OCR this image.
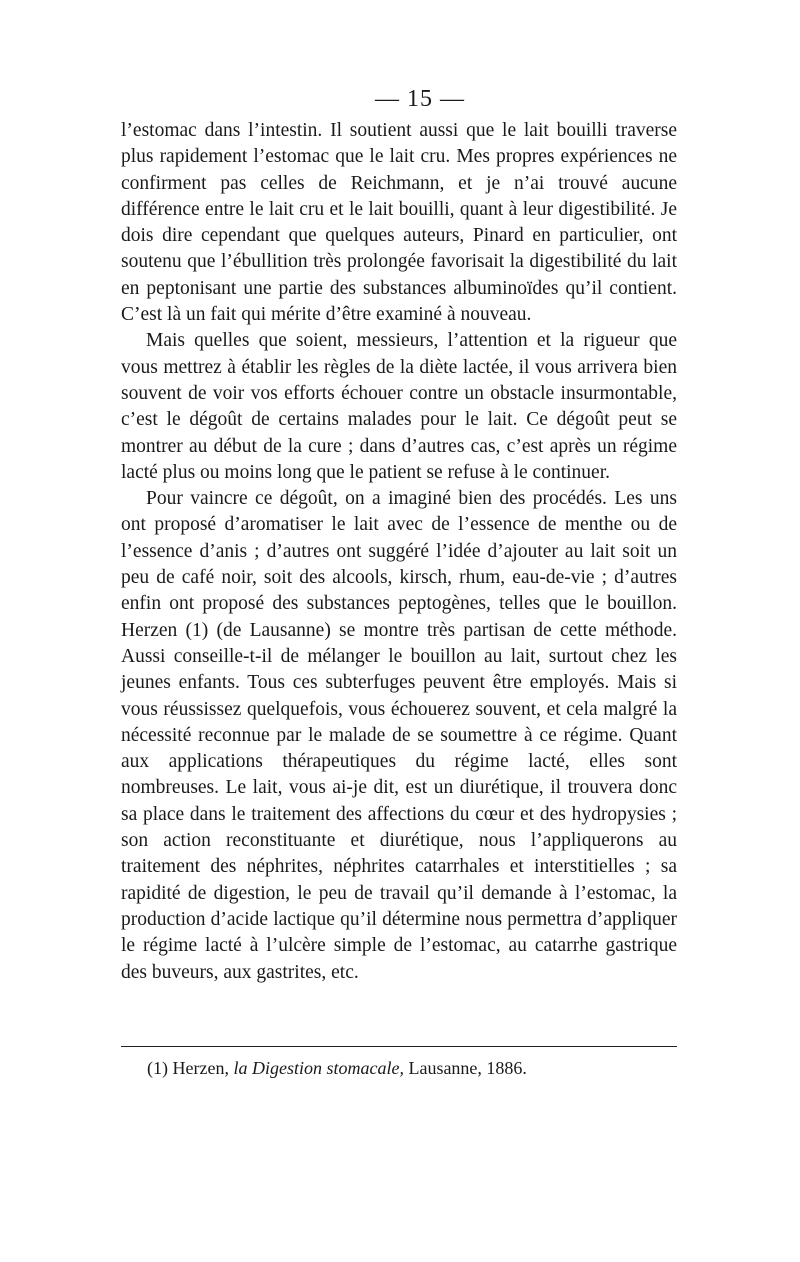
— 15 —

l’estomac dans l’intestin. Il soutient aussi que le lait bouilli traverse plus rapidement l’estomac que le lait cru. Mes propres expériences ne confirment pas celles de Reichmann, et je n’ai trouvé aucune différence entre le lait cru et le lait bouilli, quant à leur digestibilité. Je dois dire cependant que quelques auteurs, Pinard en particulier, ont soutenu que l’ébullition très prolongée favorisait la digestibilité du lait en peptonisant une partie des substances albuminoïdes qu’il contient. C’est là un fait qui mérite d’être examiné à nouveau.

Mais quelles que soient, messieurs, l’attention et la rigueur que vous mettrez à établir les règles de la diète lactée, il vous arrivera bien souvent de voir vos efforts échouer contre un obstacle insurmontable, c’est le dégoût de certains malades pour le lait. Ce dégoût peut se montrer au début de la cure ; dans d’autres cas, c’est après un régime lacté plus ou moins long que le patient se refuse à le continuer.

Pour vaincre ce dégoût, on a imaginé bien des procédés. Les uns ont proposé d’aromatiser le lait avec de l’essence de menthe ou de l’essence d’anis ; d’autres ont suggéré l’idée d’ajouter au lait soit un peu de café noir, soit des alcools, kirsch, rhum, eau-de-vie ; d’autres enfin ont proposé des substances peptogènes, telles que le bouillon. Herzen (1) (de Lausanne) se montre très partisan de cette méthode. Aussi conseille-t-il de mélanger le bouillon au lait, surtout chez les jeunes enfants. Tous ces subterfuges peuvent être employés. Mais si vous réussissez quelquefois, vous échouerez souvent, et cela malgré la nécessité reconnue par le malade de se soumettre à ce régime. Quant aux applications thérapeutiques du régime lacté, elles sont nombreuses. Le lait, vous ai-je dit, est un diurétique, il trouvera donc sa place dans le traitement des affections du cœur et des hydropysies ; son action reconstituante et diurétique, nous l’appliquerons au traitement des néphrites, néphrites catarrhales et interstitielles ; sa rapidité de digestion, le peu de travail qu’il demande à l’estomac, la production d’acide lactique qu’il détermine nous permettra d’appliquer le régime lacté à l’ulcère simple de l’estomac, au catarrhe gastrique des buveurs, aux gastrites, etc.

(1) Herzen, la Digestion stomacale, Lausanne, 1886.
